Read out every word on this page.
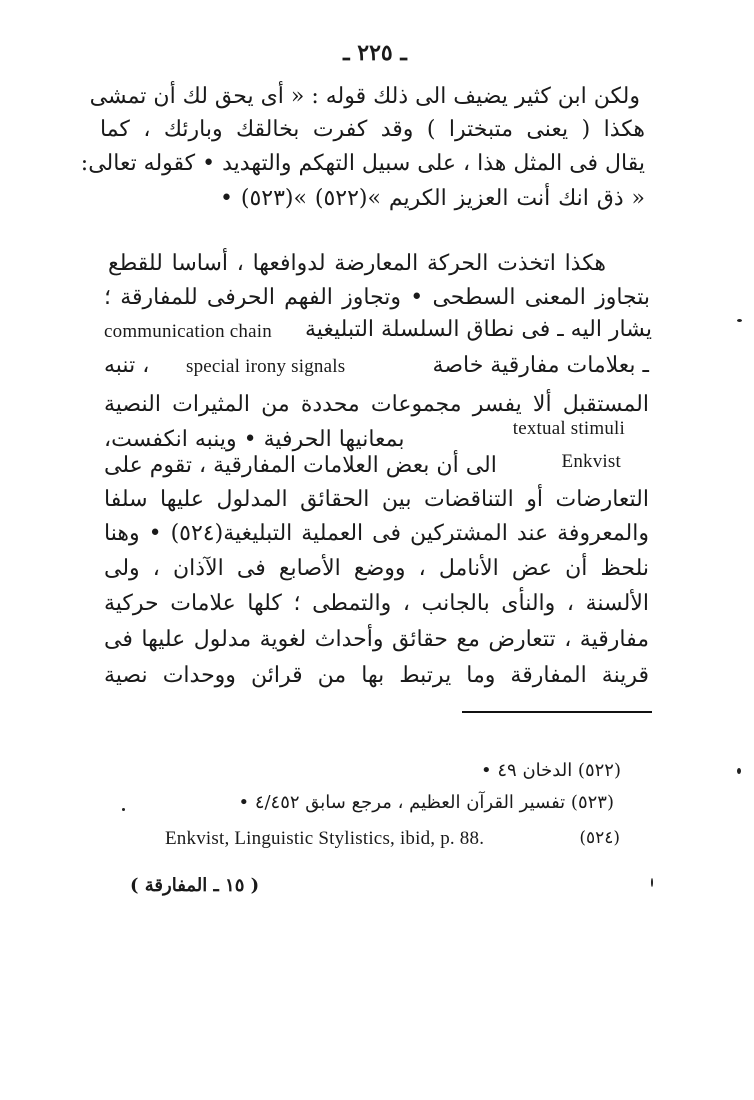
ـ ٢٢٥ ـ
ولكن ابن كثير يضيف الى ذلك قوله : « أى يحق لك أن تمشى
هكذا ( يعنى متبخترا ) وقد كفرت بخالقك وبارئك ، كما
يقال فى المثل هذا ، على سبيل التهكم والتهديد • كقوله تعالى:
« ذق انك أنت العزيز الكريم »(٥٢٢) »(٥٢٣) •
هكذا اتخذت الحركة المعارضة لدوافعها ، أساسا للقطع
بتجاوز المعنى السطحى • وتجاوز الفهم الحرفى للمفارقة ؛
communication chain يشار اليه ـ فى نطاق السلسلة التبليغية
، تنبه special irony signals	ـ بعلامات مفارقية خاصة
المستقبل ألا يفسر مجموعات محددة من المثيرات النصية
بمعانيها الحرفية • وينبه انكفست،	textual stimuli
الى أن بعض العلامات المفارقية ، تقوم على	Enkvist
التعارضات أو التناقضات بين الحقائق المدلول عليها سلفا
والمعروفة عند المشتركين فى العملية التبليغية(٥٢٤) • وهنا
نلحظ أن عض الأنامل ، ووضع الأصابع فى الآذان ، ولى
الألسنة ، والنأى بالجانب ، والتمطى ؛ كلها علامات حركية
مفارقية ، تتعارض مع حقائق وأحداث لغوية مدلول عليها فى
قرينة المفارقة وما يرتبط بها من قرائن ووحدات نصية
(٥٢٢) الدخان ٤٩ •
(٥٢٣) تفسير القرآن العظيم ، مرجع سابق ٤/٤٥٢ •
Enkvist, Linguistic Stylistics, ibid, p. 88.	(٥٢٤)
( ١٥ ـ المفارقة )
